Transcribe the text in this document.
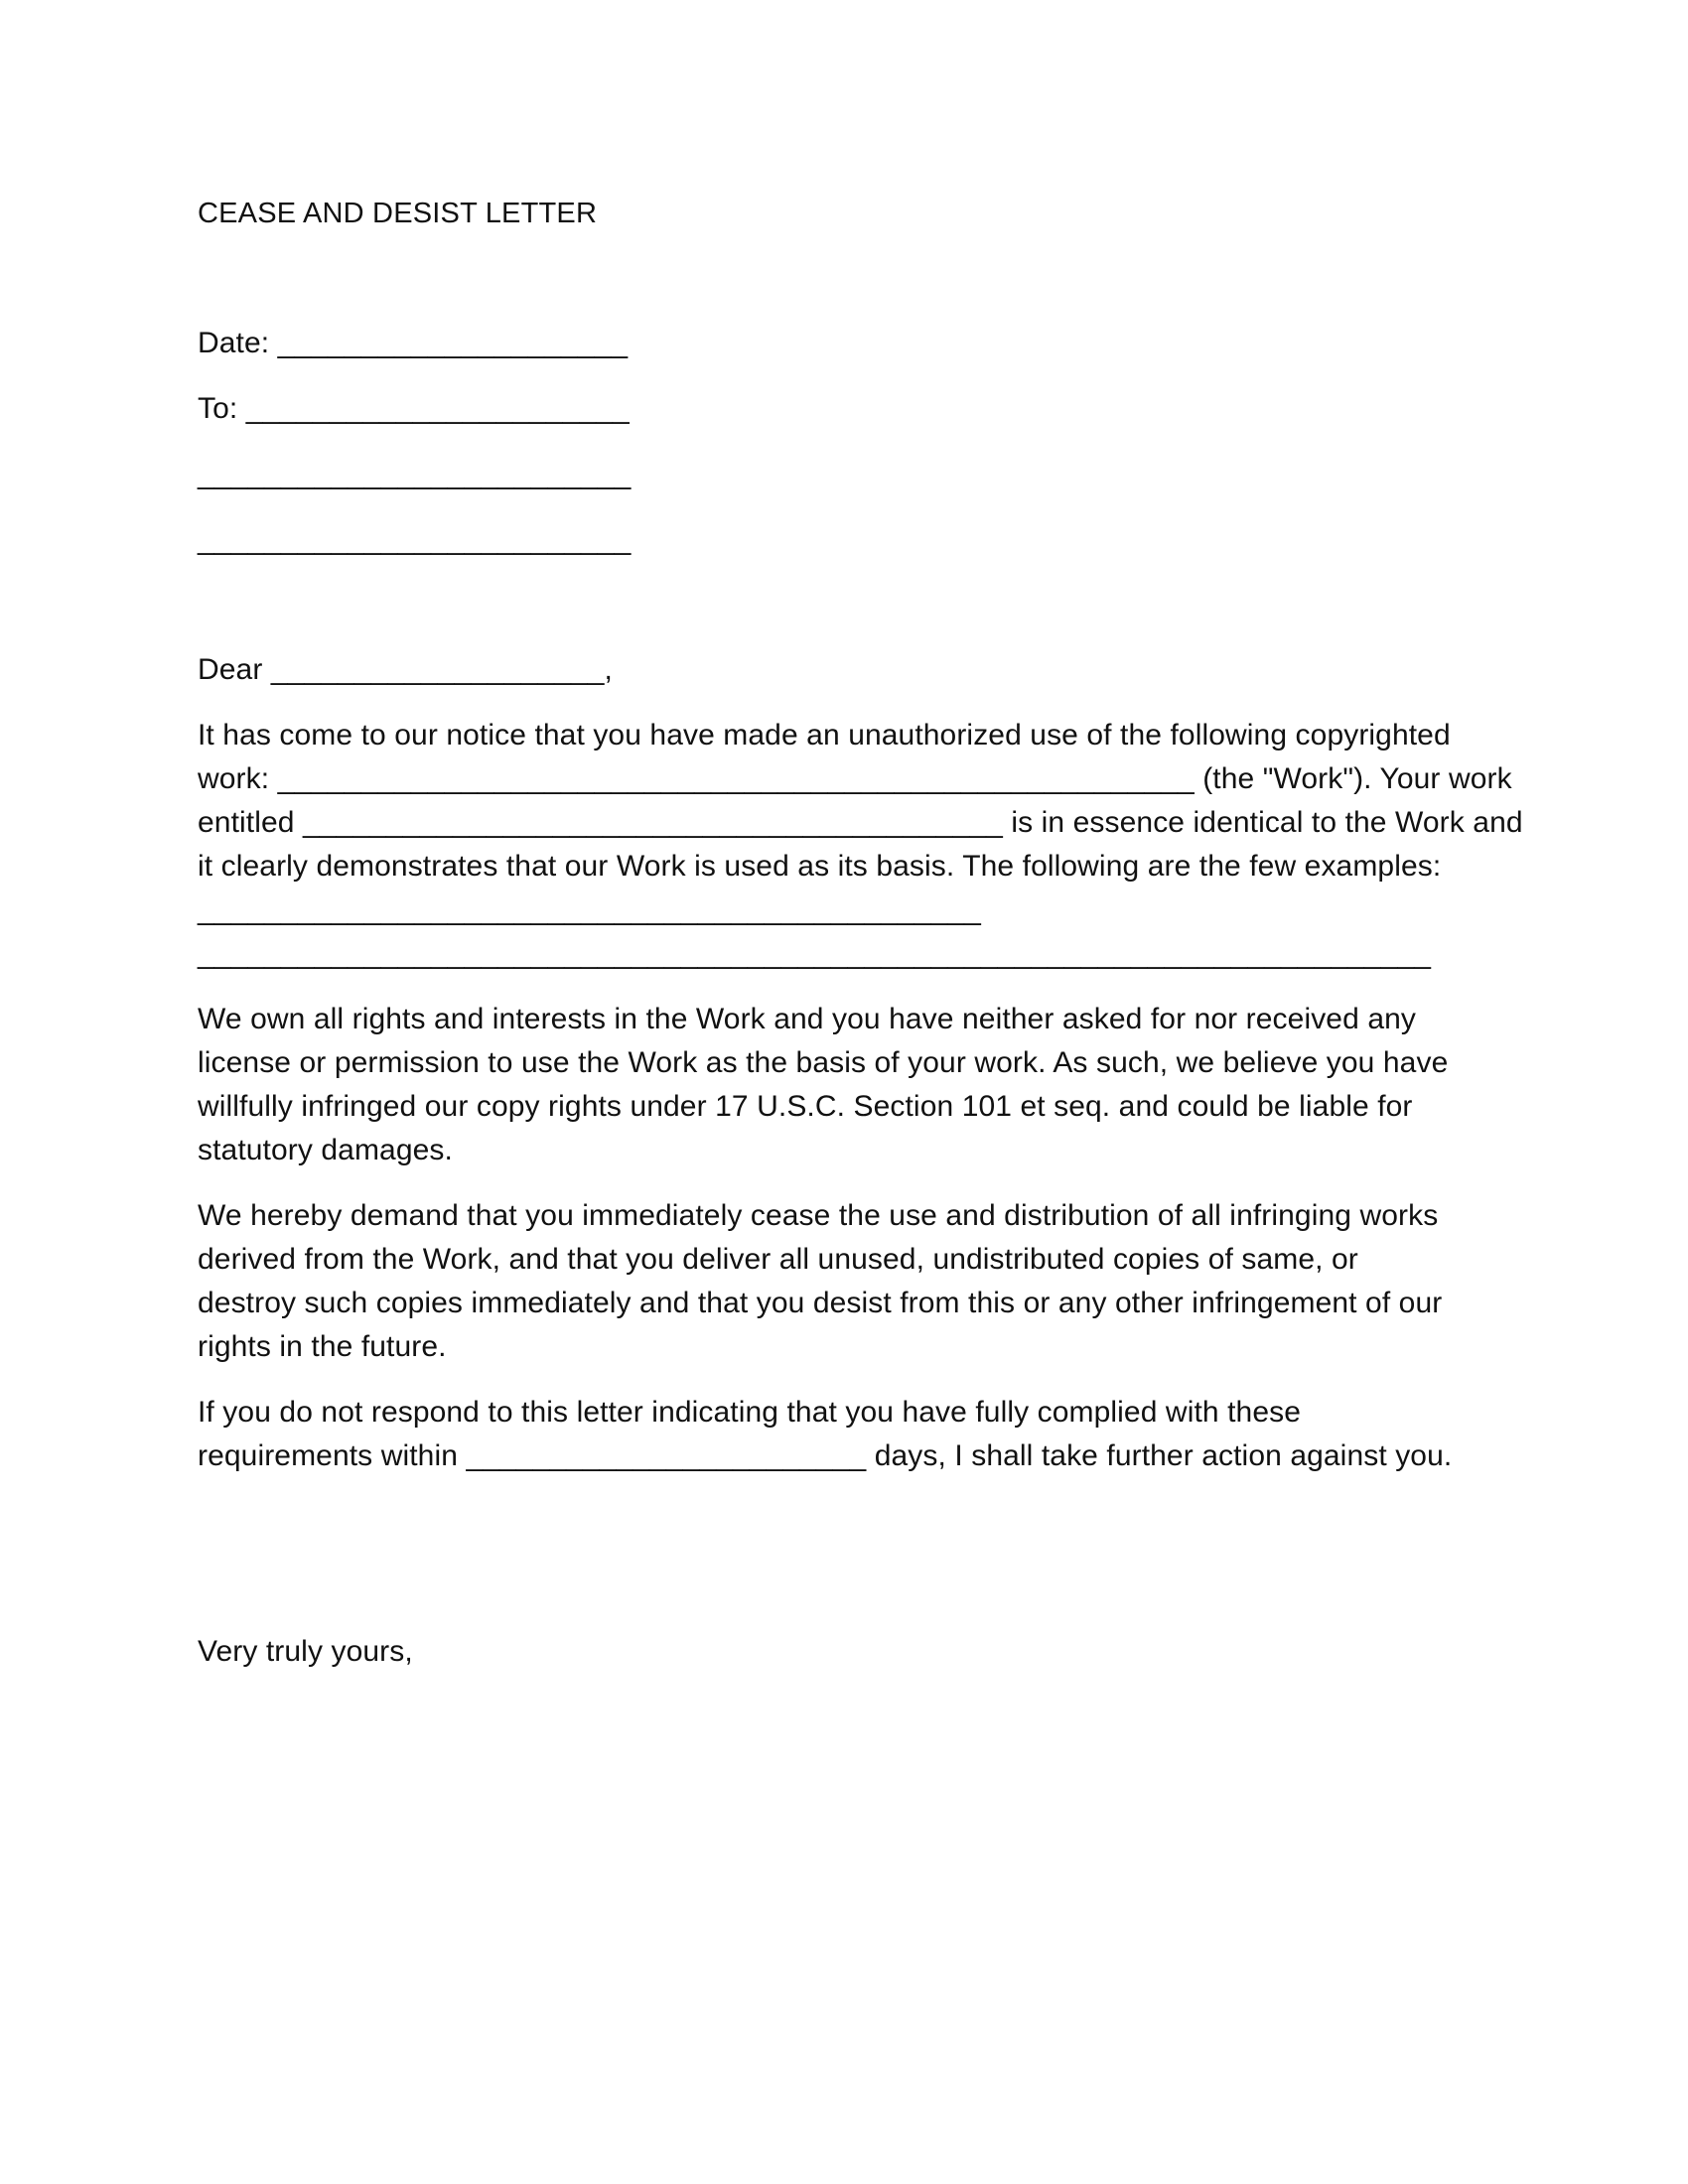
CEASE AND DESIST LETTER

Date: _____________________

To: _______________________

__________________________

__________________________

Dear ____________________,

It has come to our notice that you have made an unauthorized use of the following copyrighted
work: _______________________________________________________ (the "Work"). Your work
entitled __________________________________________ is in essence identical to the Work and
it clearly demonstrates that our Work is used as its basis. The following are the few examples:
_______________________________________________
__________________________________________________________________________
We own all rights and interests in the Work and you have neither asked for nor received any
license or permission to use the Work as the basis of your work. As such, we believe you have
willfully infringed our copy rights under 17 U.S.C. Section 101 et seq. and could be liable for
statutory damages.
We hereby demand that you immediately cease the use and distribution of all infringing works
derived from the Work, and that you deliver all unused, undistributed copies of same, or
destroy such copies immediately and that you desist from this or any other infringement of our
rights in the future.
If you do not respond to this letter indicating that you have fully complied with these
requirements within ________________________ days, I shall take further action against you.

Very truly yours,
